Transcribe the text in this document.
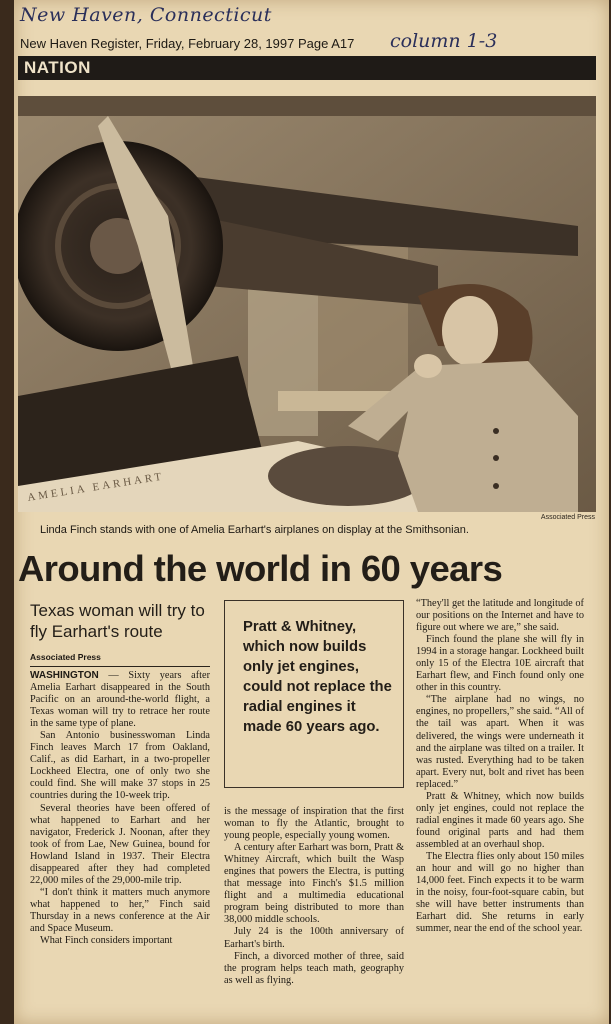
New Haven, Connecticut
New Haven Register, Friday, February 28, 1997 Page A17 column 1-3
NATION
AMELIA EARHART
Associated Press
Linda Finch stands with one of Amelia Earhart's airplanes on display at the Smithsonian.
Around the world in 60 years
Texas woman will try to fly Earhart's route
Associated Press

WASHINGTON — Sixty years after Amelia Earhart disappeared in the South Pacific on an around-the-world flight, a Texas woman will try to retrace her route in the same type of plane.

San Antonio businesswoman Linda Finch leaves March 17 from Oakland, Calif., as did Earhart, in a two-propeller Lockheed Electra, one of only two she could find. She will make 37 stops in 25 countries during the 10-week trip.

Several theories have been offered of what happened to Earhart and her navigator, Frederick J. Noonan, after they took of from Lae, New Guinea, bound for Howland Island in 1937. Their Electra disappeared after they had completed 22,000 miles of the 29,000-mile trip.

“I don't think it matters much anymore what happened to her,” Finch said Thursday in a news conference at the Air and Space Museum.

What Finch considers important

Pratt & Whitney, which now builds only jet engines, could not replace the radial engines it made 60 years ago.

is the message of inspiration that the first woman to fly the Atlantic, brought to young people, especially young women.

A century after Earhart was born, Pratt & Whitney Aircraft, which built the Wasp engines that powers the Electra, is putting that message into Finch's $1.5 million flight and a multimedia educational program being distributed to more than 38,000 middle schools.

July 24 is the 100th anniversary of Earhart's birth.

Finch, a divorced mother of three, said the program helps teach math, geography as well as flying.

“They'll get the latitude and longitude of our positions on the Internet and have to figure out where we are,” she said.

Finch found the plane she will fly in 1994 in a storage hangar. Lockheed built only 15 of the Electra 10E aircraft that Earhart flew, and Finch found only one other in this country.

“The airplane had no wings, no engines, no propellers,” she said. “All of the tail was apart. When it was delivered, the wings were underneath it and the airplane was tilted on a trailer. It was rusted. Everything had to be taken apart. Every nut, bolt and rivet has been replaced.”

Pratt & Whitney, which now builds only jet engines, could not replace the radial engines it made 60 years ago. She found original parts and had them assembled at an overhaul shop.

The Electra flies only about 150 miles an hour and will go no higher than 14,000 feet. Finch expects it to be warm in the noisy, four-foot-square cabin, but she will have better instruments than Earhart did. She returns in early summer, near the end of the school year.
